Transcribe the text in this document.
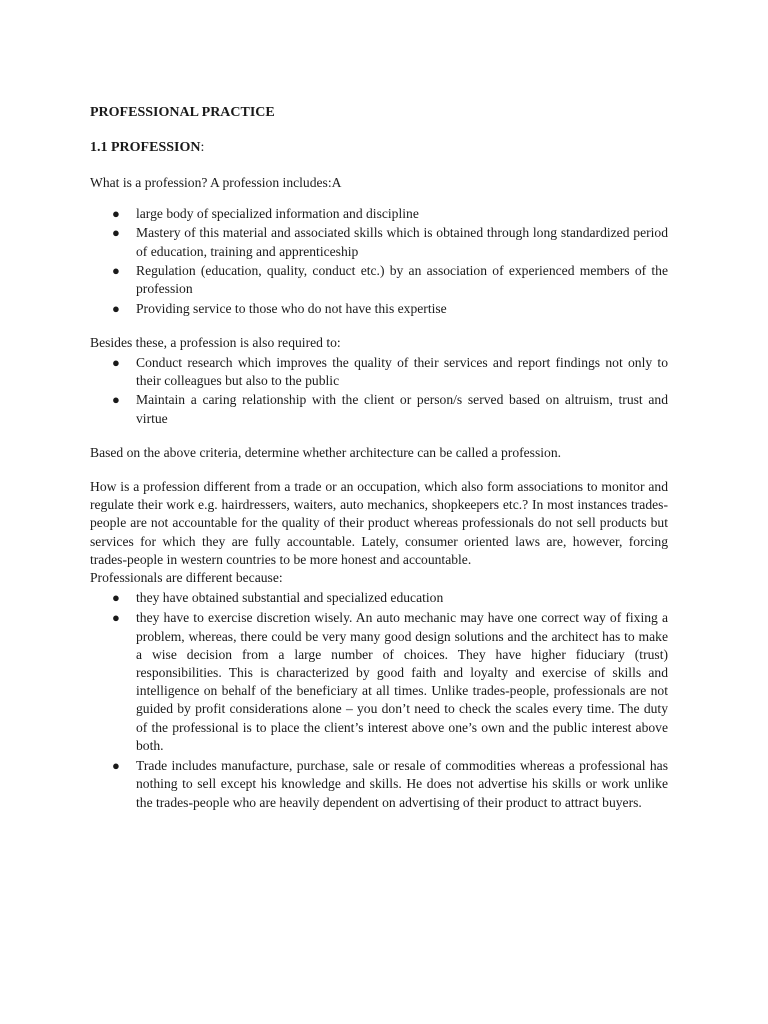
PROFESSIONAL PRACTICE
1.1 PROFESSION:

What is a profession? A profession includes:A

● large body of specialized information and discipline
● Mastery of this material and associated skills which is obtained through long standardized period of education, training and apprenticeship
● Regulation (education, quality, conduct etc.) by an association of experienced members of the profession
● Providing service to those who do not have this expertise

Besides these, a profession is also required to:

● Conduct research which improves the quality of their services and report findings not only to their colleagues but also to the public
● Maintain a caring relationship with the client or person/s served based on altruism, trust and virtue

Based on the above criteria, determine whether architecture can be called a profession.

How is a profession different from a trade or an occupation, which also form associations to monitor and regulate their work e.g. hairdressers, waiters, auto mechanics, shopkeepers etc.? In most instances trades-people are not accountable for the quality of their product whereas professionals do not sell products but services for which they are fully accountable. Lately, consumer oriented laws are, however, forcing trades-people in western countries to be more honest and accountable.

Professionals are different because:

● they have obtained substantial and specialized education
● they have to exercise discretion wisely. An auto mechanic may have one correct way of fixing a problem, whereas, there could be very many good design solutions and the architect has to make a wise decision from a large number of choices. They have higher fiduciary (trust) responsibilities. This is characterized by good faith and loyalty and exercise of skills and intelligence on behalf of the beneficiary at all times. Unlike trades-people, professionals are not guided by profit considerations alone – you don’t need to check the scales every time. The duty of the professional is to place the client’s interest above one’s own and the public interest above both.
● Trade includes manufacture, purchase, sale or resale of commodities whereas a professional has nothing to sell except his knowledge and skills. He does not advertise his skills or work unlike the trades-people who are heavily dependent on advertising of their product to attract buyers.
